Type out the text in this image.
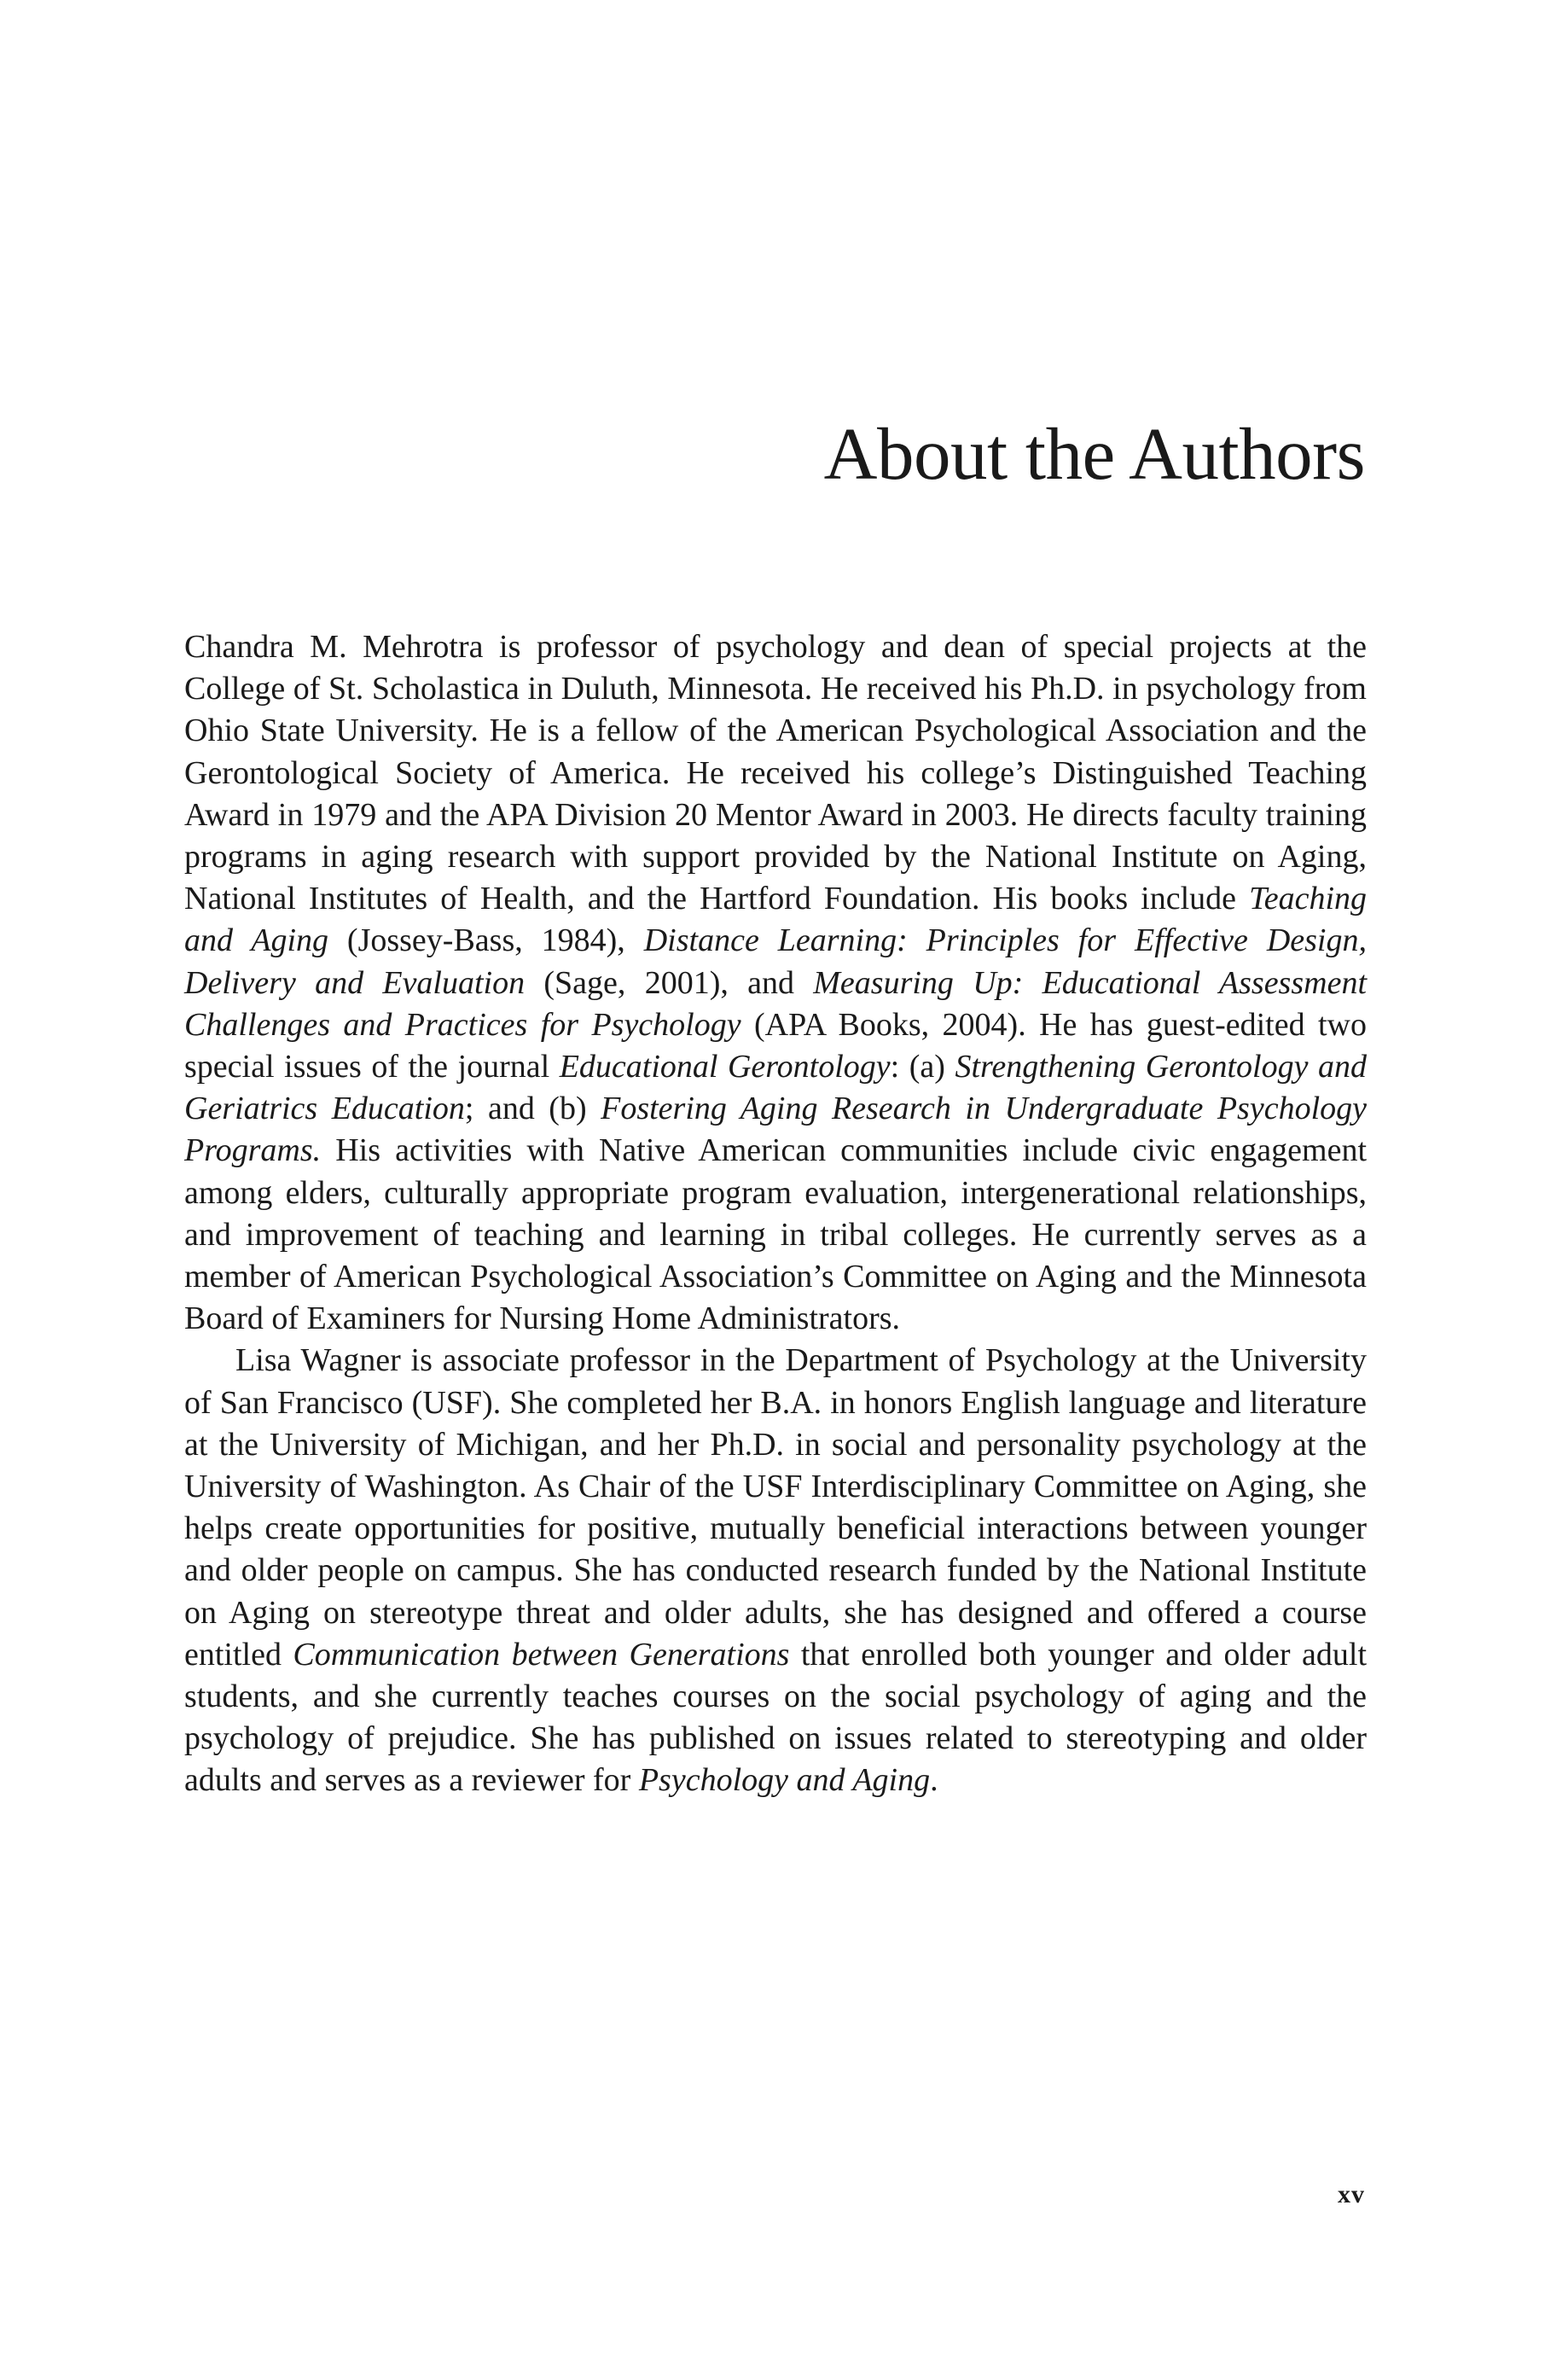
About the Authors

Chandra M. Mehrotra is professor of psychology and dean of special projects at the College of St. Scholastica in Duluth, Minnesota. He received his Ph.D. in psychology from Ohio State University. He is a fellow of the American Psychological Association and the Gerontological Society of America. He received his college’s Distinguished Teaching Award in 1979 and the APA Division 20 Mentor Award in 2003. He directs faculty training programs in aging research with support provided by the National Institute on Aging, National Institutes of Health, and the Hartford Foundation. His books include Teaching and Aging (Jossey-Bass, 1984), Distance Learning: Principles for Effective Design, Delivery and Evaluation (Sage, 2001), and Measuring Up: Educational Assessment Challenges and Practices for Psychology (APA Books, 2004). He has guest-edited two special issues of the journal Educational Gerontology: (a) Strengthening Gerontology and Geriatrics Education; and (b) Fostering Aging Research in Undergraduate Psychology Programs. His activities with Native American communities include civic engagement among elders, culturally appropriate program evaluation, intergenerational relationships, and improvement of teaching and learning in tribal colleges. He currently serves as a member of American Psychological Association’s Committee on Aging and the Minnesota Board of Examiners for Nursing Home Administrators.

Lisa Wagner is associate professor in the Department of Psychology at the University of San Francisco (USF). She completed her B.A. in honors English language and literature at the University of Michigan, and her Ph.D. in social and personality psychology at the University of Washington. As Chair of the USF Interdisciplinary Committee on Aging, she helps create opportunities for positive, mutually beneficial interactions between younger and older people on campus. She has conducted research funded by the National Institute on Aging on stereotype threat and older adults, she has designed and offered a course entitled Communication between Generations that enrolled both younger and older adult students, and she currently teaches courses on the social psychology of aging and the psychology of prejudice. She has published on issues related to stereotyping and older adults and serves as a reviewer for Psychology and Aging.

xv
